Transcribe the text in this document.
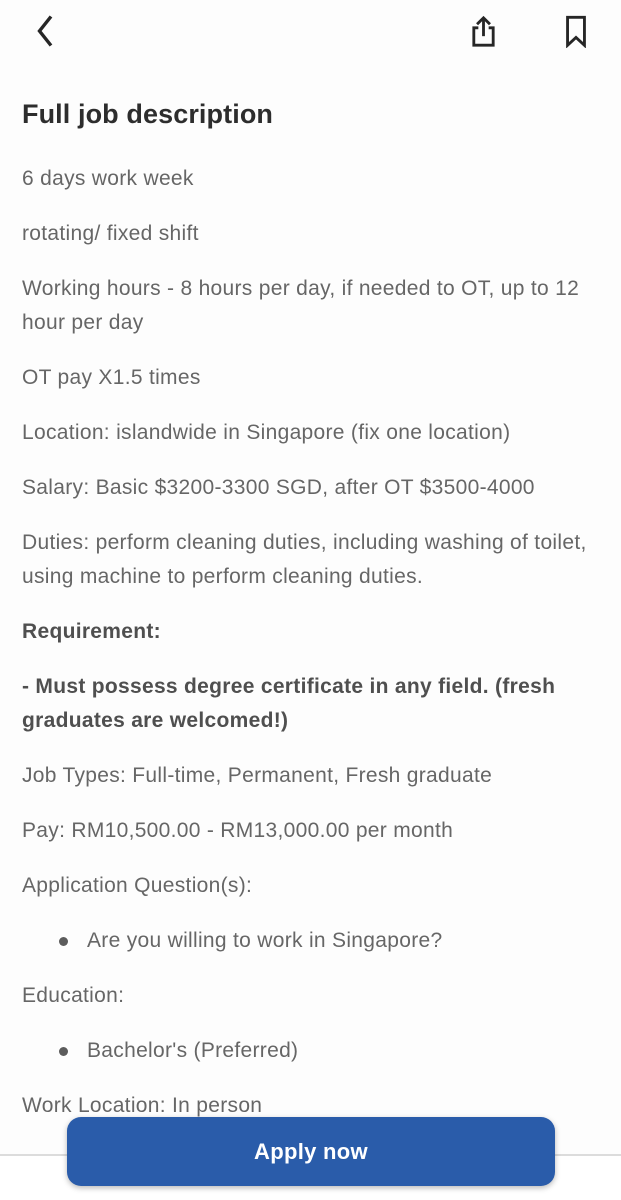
Full job description

6 days work week

rotating/ fixed shift

Working hours - 8 hours per day, if needed to OT, up to 12 hour per day

OT pay X1.5 times

Location: islandwide in Singapore (fix one location)

Salary: Basic $3200-3300 SGD, after OT $3500-4000

Duties: perform cleaning duties, including washing of toilet, using machine to perform cleaning duties.

Requirement:

- Must possess degree certificate in any field. (fresh graduates are welcomed!)

Job Types: Full-time, Permanent, Fresh graduate

Pay: RM10,500.00 - RM13,000.00 per month

Application Question(s):

Are you willing to work in Singapore?

Education:

Bachelor's (Preferred)

Work Location: In person

Apply now
